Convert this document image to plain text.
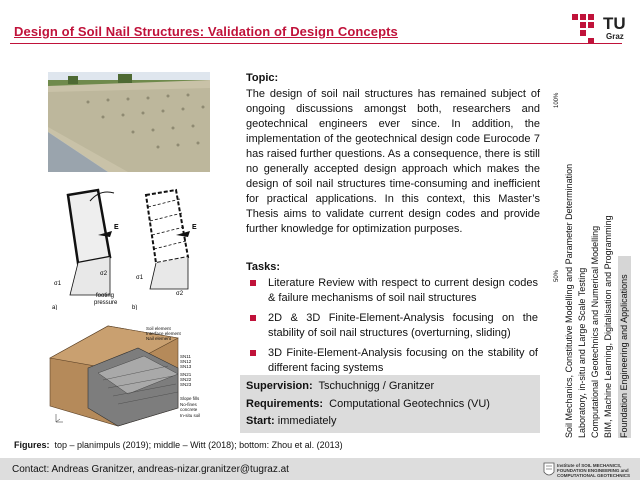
Design of Soil Nail Structures: Validation of Design Concepts	TU
Graz
E
σ1
σ2
footing
pressure
a)
E
σ1
σ2
b)
Soil element
Interface element
Nail element
SN11
SN12
SN13
SN21
SN22
SN23
Slope fills
No-fines
concrete
In-situ soil
Topic:
The design of soil nail structures has remained subject of ongoing discussions amongst both, researchers and geotechnical engineers ever since. In addition, the implementation of the geotechnical design code Eurocode 7 has raised further questions. As a consequence, there is still no generally accepted design approach which makes the design of soil nail structures time-consuming and inefficient for practical applications. In this context, this Master’s Thesis aims to validate current design codes and provide further knowledge for optimization purposes.
Tasks:
Literature Review with respect to current design codes & failure mechanisms of soil nail structures
2D & 3D Finite-Element-Analysis focusing on the stability of soil nail structures (overturning, sliding)
3D Finite-Element-Analysis focusing on the stability of different facing systems
Supervision: Tschuchnigg / Granitzer
Requirements: Computational Geotechnics (VU)
Start: immediately
Figures: top – planimpuls (2019); middle – Witt (2018); bottom: Zhou et al. (2013)
100%
50% Soil Mechanics, Constitutive Modelling and Parameter Determination Laboratory, in-situ and Large Scale Testing Computational Geotechnics and Numerical Modelling BIM, Machine Learning, Digitalisation and Programming Foundation Engineering and Applications
Contact: Andreas Granitzer, andreas-nizar.granitzer@tugraz.at	Institute of SOIL MECHANICS,
FOUNDATION ENGINEERING and
COMPUTATIONAL GEOTECHNICS
